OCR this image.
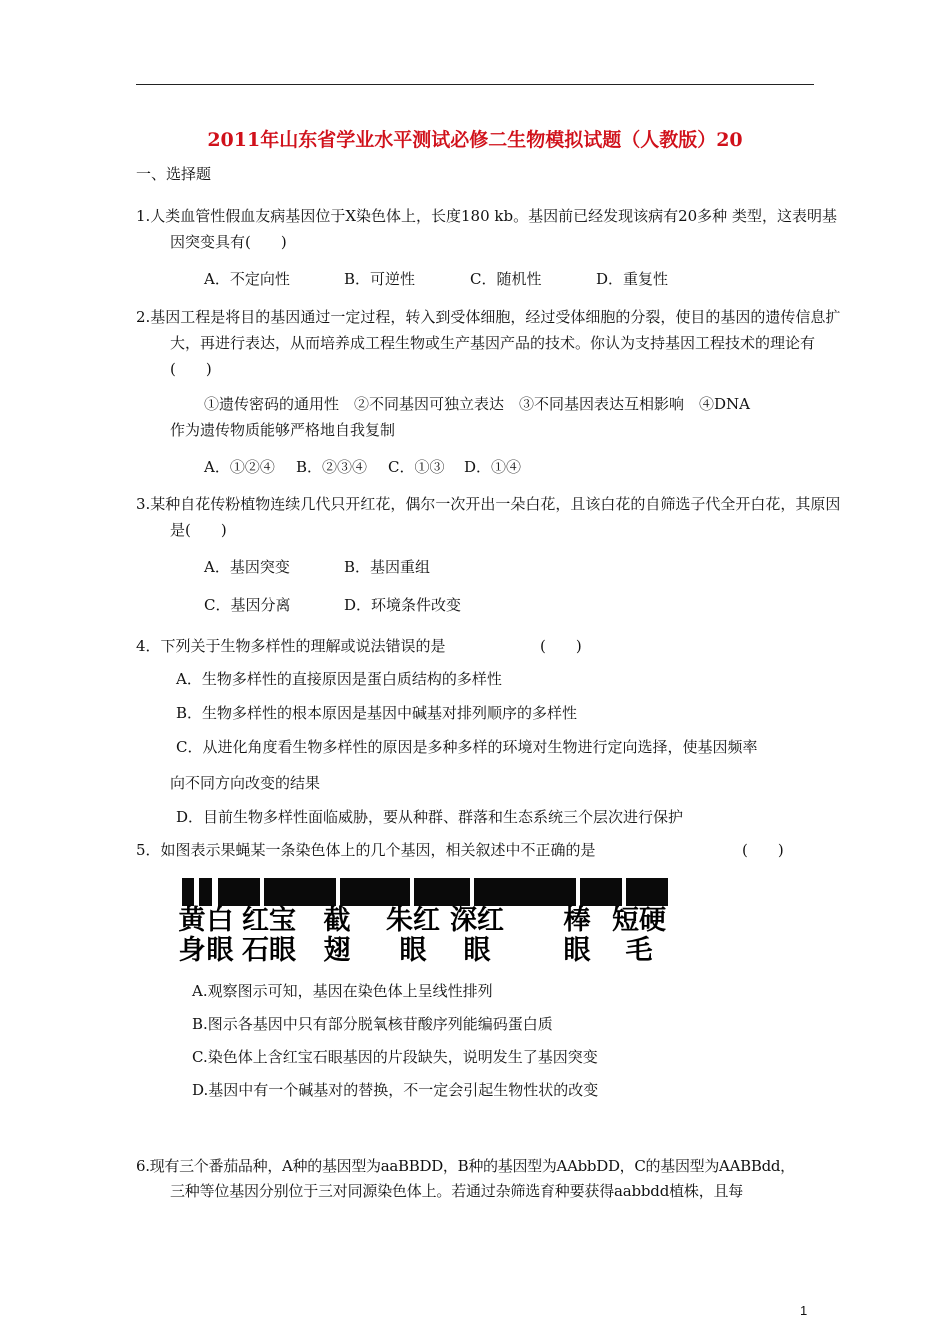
2011年山东省学业水平测试必修二生物模拟试题（人教版）20
一、选择题
1.人类血管性假血友病基因位于X染色体上，长度180 kb。基因前已经发现该病有20多种 类型，这表明基因突变具有(　　)
A．不定向性	B．可逆性	C．随机性	D．重复性
2.基因工程是将目的基因通过一定过程，转入到受体细胞，经过受体细胞的分裂，使目的基因的遗传信息扩大，再进行表达，从而培养成工程生物或生产基因产品的技术。你认为支持基因工程技术的理论有(　　)
①遗传密码的通用性　②不同基因可独立表达　③不同基因表达互相影响　④DNA
作为遗传物质能够严格地自我复制
A．①②④ B．②③④ C．①③ D．①④
3.某种自花传粉植物连续几代只开红花，偶尔一次开出一朵白花，且该白花的自筛选子代全开白花，其原因是(　　)
A．基因突变	B．基因重组
C．基因分离	D．环境条件改变
4．下列关于生物多样性的理解或说法错误的是	(　　)
A．生物多样性的直接原因是蛋白质结构的多样性
B．生物多样性的根本原因是基因中碱基对排列顺序的多样性
C．从进化角度看生物多样性的原因是多种多样的环境对生物进行定向选择，使基因频率
向不同方向改变的结果
D．目前生物多样性面临威胁，要从种群、群落和生态系统三个层次进行保护
5．如图表示果蝇某一条染色体上的几个基因，相关叙述中不正确的是	(　　)
黄
身
白
眼
红宝
石眼
截
翅
朱红
眼
深红
眼
棒
眼
短硬
毛
A.观察图示可知，基因在染色体上呈线性排列
B.图示各基因中只有部分脱氧核苷酸序列能编码蛋白质
C.染色体上含红宝石眼基因的片段缺失，说明发生了基因突变
D.基因中有一个碱基对的替换，不一定会引起生物性状的改变
6.现有三个番茄品种，A种的基因型为aaBBDD，B种的基因型为AAbbDD，C的基因型为AABBdd，
三种等位基因分别位于三对同源染色体上。若通过杂筛选育种要获得aabbdd植株，且每
1
